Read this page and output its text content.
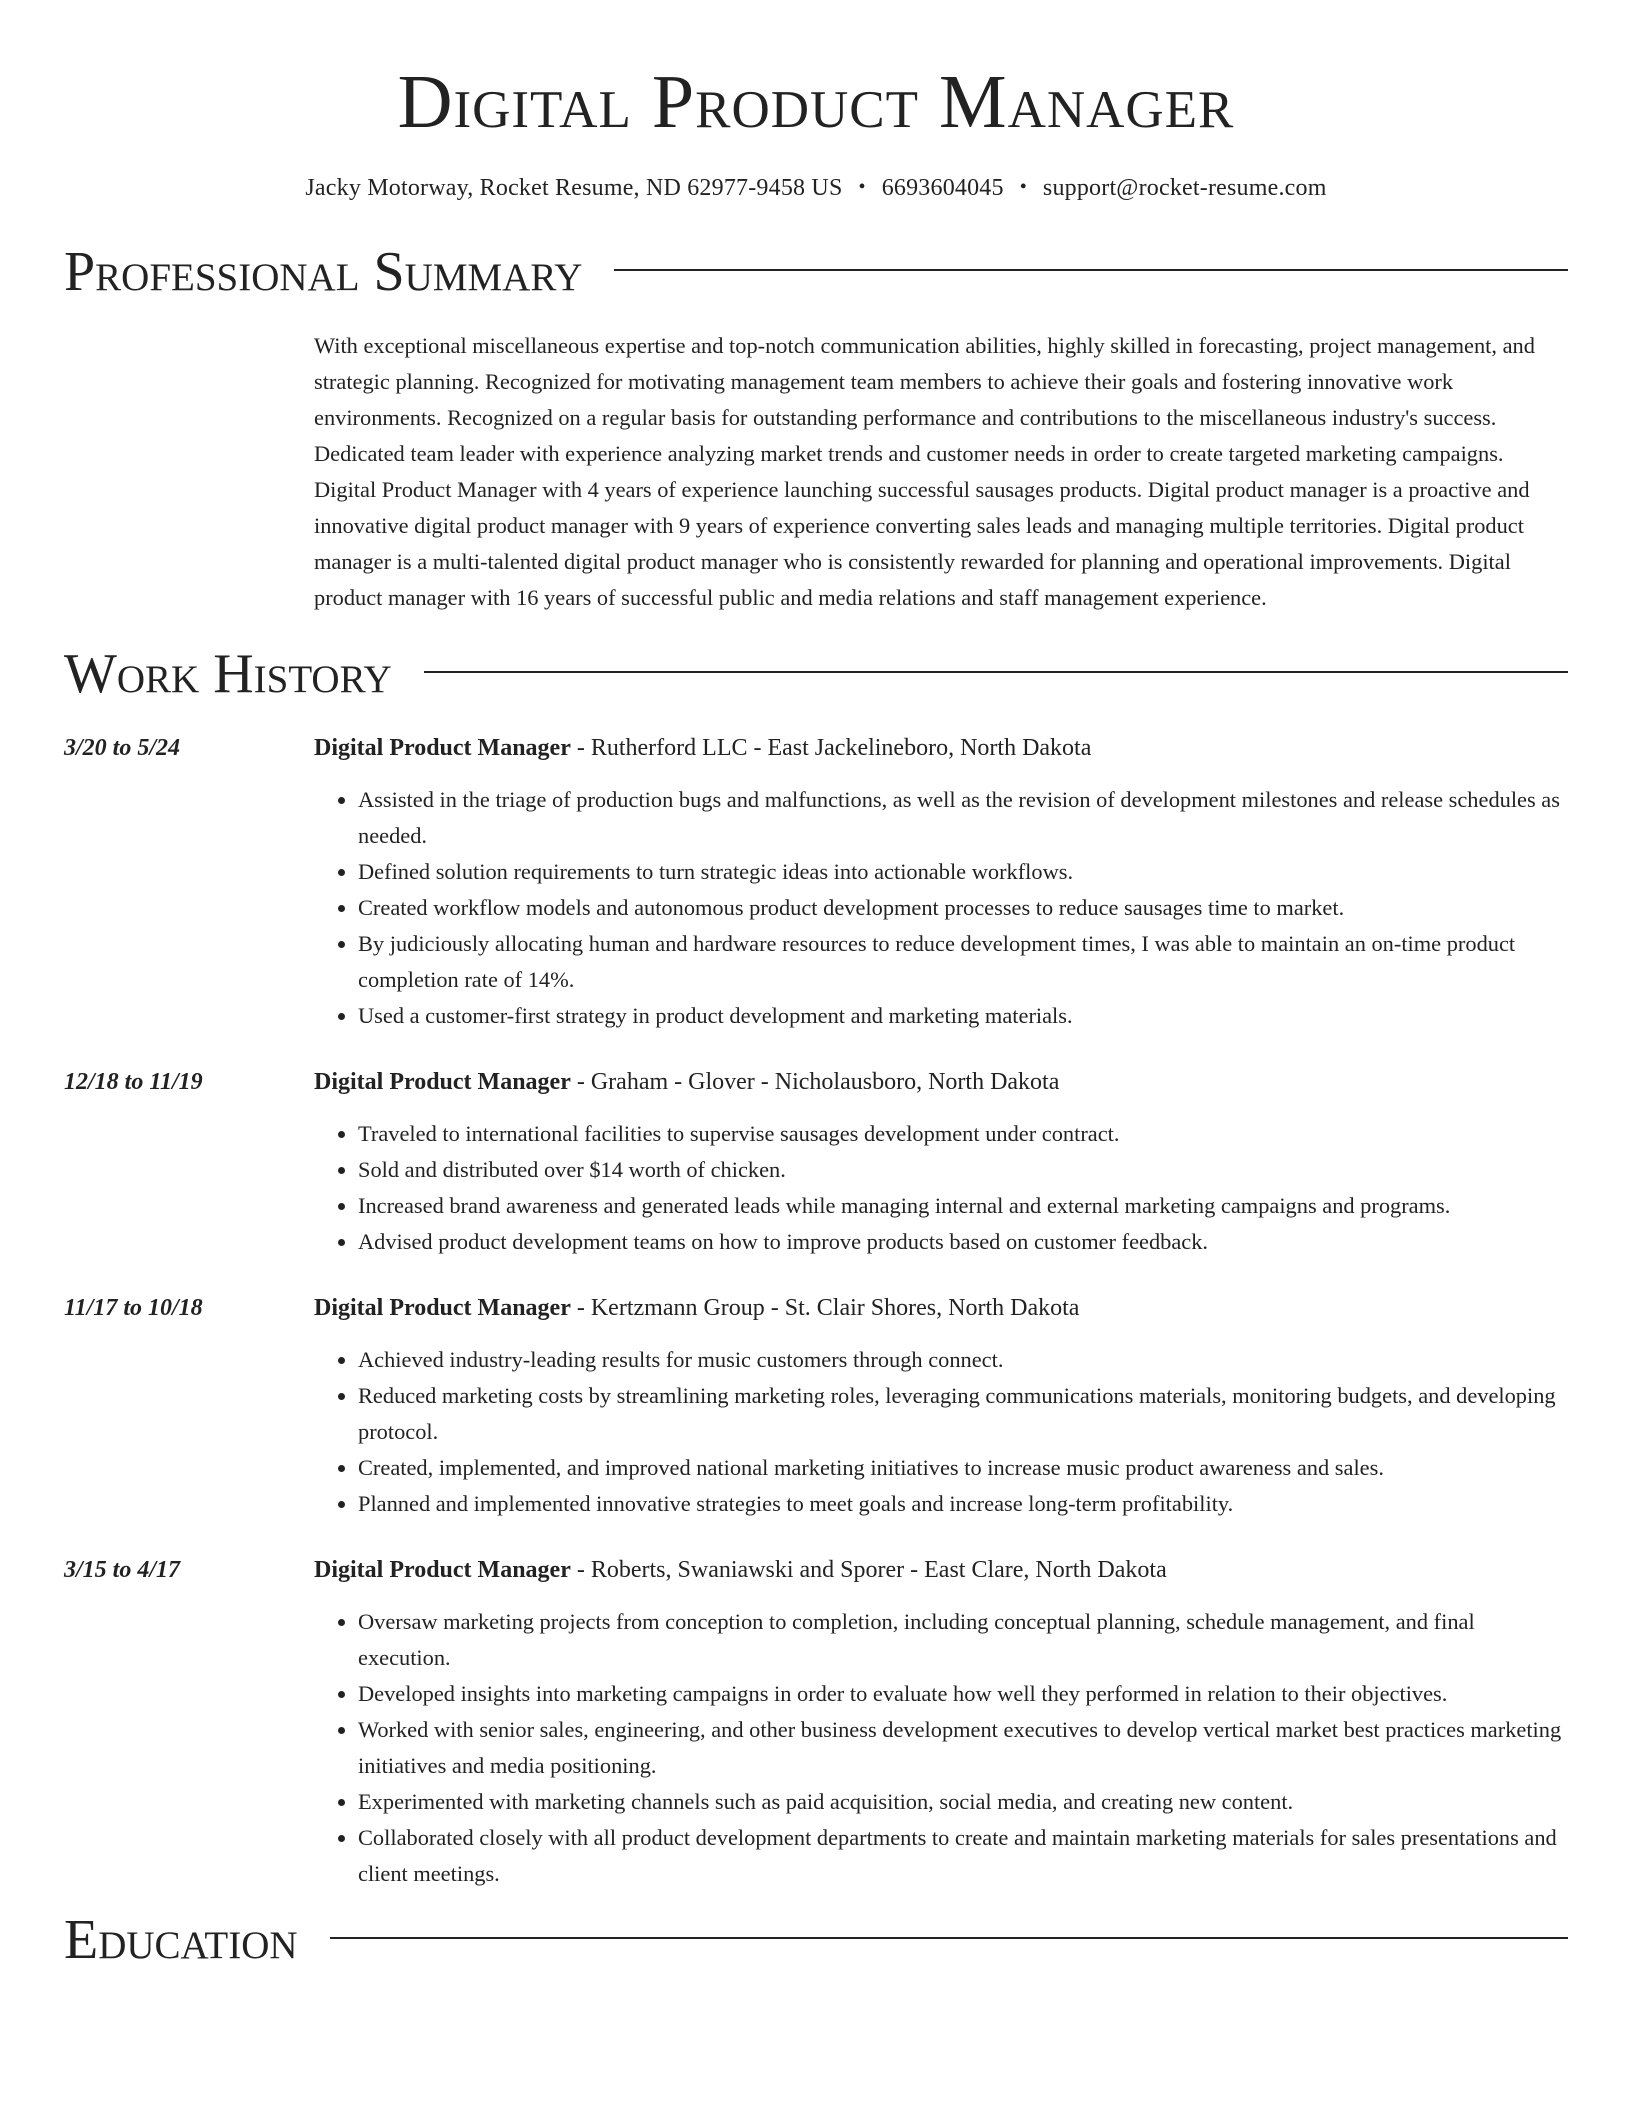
Digital Product Manager
Jacky Motorway, Rocket Resume, ND 62977-9458 US • 6693604045 • support@rocket-resume.com
Professional Summary
With exceptional miscellaneous expertise and top-notch communication abilities, highly skilled in forecasting, project management, and strategic planning. Recognized for motivating management team members to achieve their goals and fostering innovative work environments. Recognized on a regular basis for outstanding performance and contributions to the miscellaneous industry's success. Dedicated team leader with experience analyzing market trends and customer needs in order to create targeted marketing campaigns. Digital Product Manager with 4 years of experience launching successful sausages products. Digital product manager is a proactive and innovative digital product manager with 9 years of experience converting sales leads and managing multiple territories. Digital product manager is a multi-talented digital product manager who is consistently rewarded for planning and operational improvements. Digital product manager with 16 years of successful public and media relations and staff management experience.
Work History
3/20 to 5/24	Digital Product Manager - Rutherford LLC - East Jackelineboro, North Dakota
• Assisted in the triage of production bugs and malfunctions, as well as the revision of development milestones and release schedules as needed.
• Defined solution requirements to turn strategic ideas into actionable workflows.
• Created workflow models and autonomous product development processes to reduce sausages time to market.
• By judiciously allocating human and hardware resources to reduce development times, I was able to maintain an on-time product completion rate of 14%.
• Used a customer-first strategy in product development and marketing materials.
12/18 to 11/19	Digital Product Manager - Graham - Glover - Nicholausboro, North Dakota
• Traveled to international facilities to supervise sausages development under contract.
• Sold and distributed over $14 worth of chicken.
• Increased brand awareness and generated leads while managing internal and external marketing campaigns and programs.
• Advised product development teams on how to improve products based on customer feedback.
11/17 to 10/18	Digital Product Manager - Kertzmann Group - St. Clair Shores, North Dakota
• Achieved industry-leading results for music customers through connect.
• Reduced marketing costs by streamlining marketing roles, leveraging communications materials, monitoring budgets, and developing protocol.
• Created, implemented, and improved national marketing initiatives to increase music product awareness and sales.
• Planned and implemented innovative strategies to meet goals and increase long-term profitability.
3/15 to 4/17	Digital Product Manager - Roberts, Swaniawski and Sporer - East Clare, North Dakota
• Oversaw marketing projects from conception to completion, including conceptual planning, schedule management, and final execution.
• Developed insights into marketing campaigns in order to evaluate how well they performed in relation to their objectives.
• Worked with senior sales, engineering, and other business development executives to develop vertical market best practices marketing initiatives and media positioning.
• Experimented with marketing channels such as paid acquisition, social media, and creating new content.
• Collaborated closely with all product development departments to create and maintain marketing materials for sales presentations and client meetings.
Education
